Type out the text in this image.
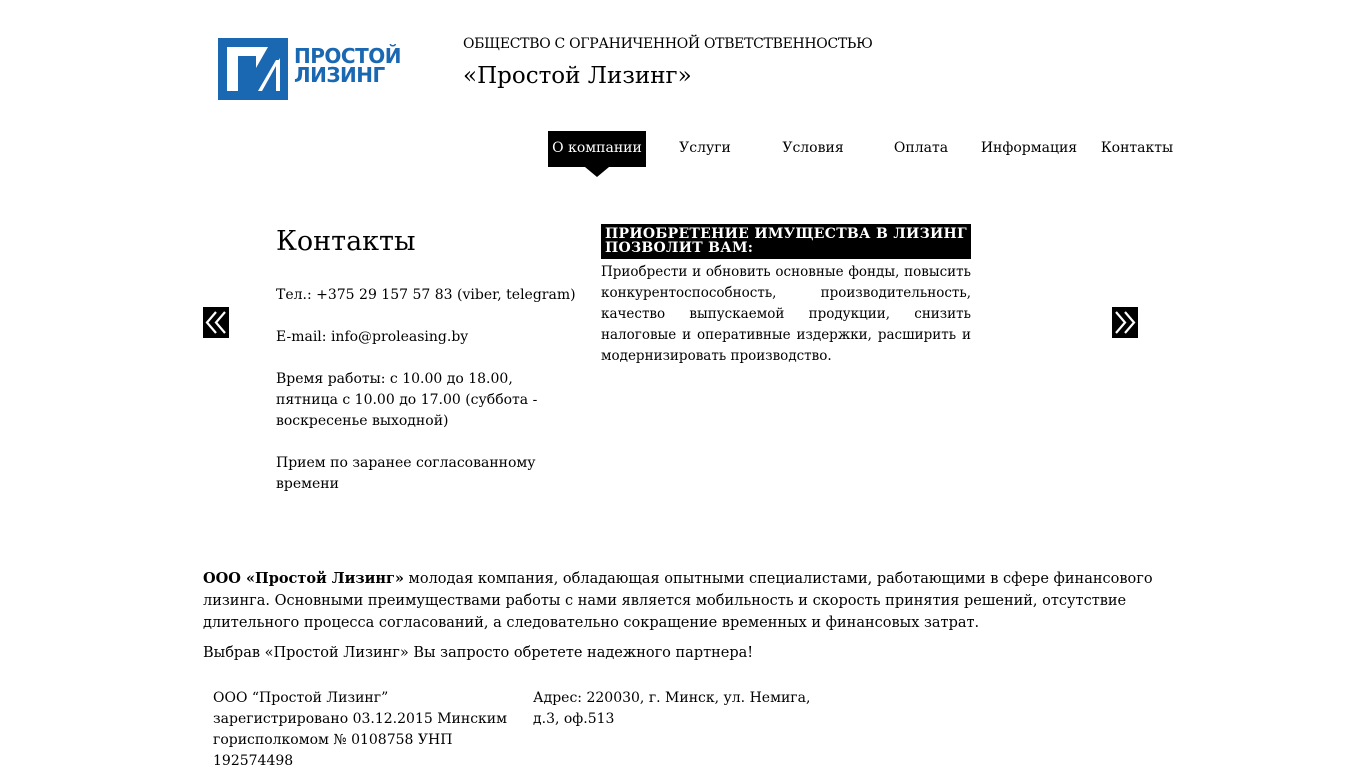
ПРОСТОЙ
ЛИЗИНГ
ОБЩЕСТВО С ОГРАНИЧЕННОЙ ОТВЕТСТВЕННОСТЬЮ
«Простой Лизинг»
О компании	Услуги	Условия	Оплата	Информация	Контакты
Контакты
Тел.: +375 29 157 57 83 (viber, telegram)
E-mail: info@proleasing.by
Время работы: с 10.00 до 18.00, пятница с 10.00 до 17.00 (суббота - воскресенье выходной)
Прием по заранее согласованному времени
ПРИОБРЕТЕНИЕ ИМУЩЕСТВА В ЛИЗИНГ ПОЗВОЛИТ ВАМ:
Приобрести и обновить основные фонды, повысить конкурентоспособность, производительность, качество выпускаемой продукции, снизить налоговые и оперативные издержки, расширить и модернизировать производство.

ООО «Простой Лизинг» молодая компания, обладающая опытными специалистами, работающими в сфере финансового лизинга. Основными преимуществами работы с нами является мобильность и скорость принятия решений, отсутствие длительного процесса согласований, а следовательно сокращение временных и финансовых затрат.

Выбрав «Простой Лизинг» Вы запросто обретете надежного партнера!

ООО “Простой Лизинг” зарегистрировано 03.12.2015 Минским горисполкомом № 0108758 УНП 192574498
Адрес: 220030, г. Минск, ул. Немига, д.3, оф.513
